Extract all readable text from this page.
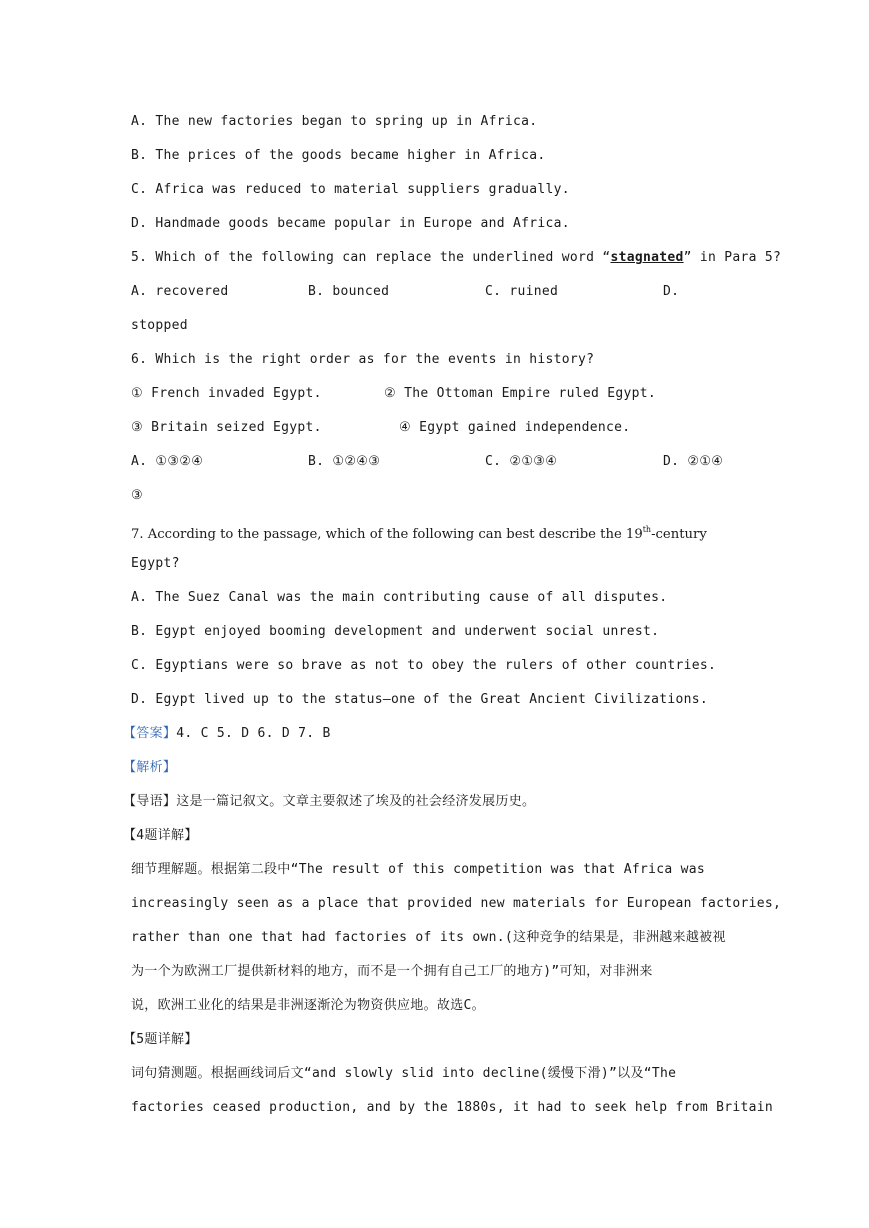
A. The new factories began to spring up in Africa.
B. The prices of the goods became higher in Africa.
C. Africa was reduced to material suppliers gradually.
D. Handmade goods became popular in Europe and Africa.
5. Which of the following can replace the underlined word “stagnated” in Para 5?
A. recovered	B. bounced	C. ruined	D.
stopped
6. Which is the right order as for the events in history?
① French invaded Egypt.	② The Ottoman Empire ruled Egypt.
③ Britain seized Egypt.	④ Egypt gained independence.
A. ①③②④	B. ①②④③	C. ②①③④	D. ②①④
③
7. According to the passage, which of the following can best describe the 19th-century
Egypt?
A. The Suez Canal was the main contributing cause of all disputes.
B. Egypt enjoyed booming development and underwent social unrest.
C. Egyptians were so brave as not to obey the rulers of other countries.
D. Egypt lived up to the status—one of the Great Ancient Civilizations.
【答案】4. C 5. D 6. D 7. B
【解析】
【导语】这是一篇记叙文。文章主要叙述了埃及的社会经济发展历史。
【4题详解】
细节理解题。根据第二段中“The result of this competition was that Africa was
increasingly seen as a place that provided new materials for European factories,
rather than one that had factories of its own.(这种竞争的结果是，非洲越来越被视
为一个为欧洲工厂提供新材料的地方，而不是一个拥有自己工厂的地方)”可知，对非洲来
说，欧洲工业化的结果是非洲逐渐沦为物资供应地。故选C。
【5题详解】
词句猜测题。根据画线词后文“and slowly slid into decline(缓慢下滑)”以及“The
factories ceased production, and by the 1880s, it had to seek help from Britain
